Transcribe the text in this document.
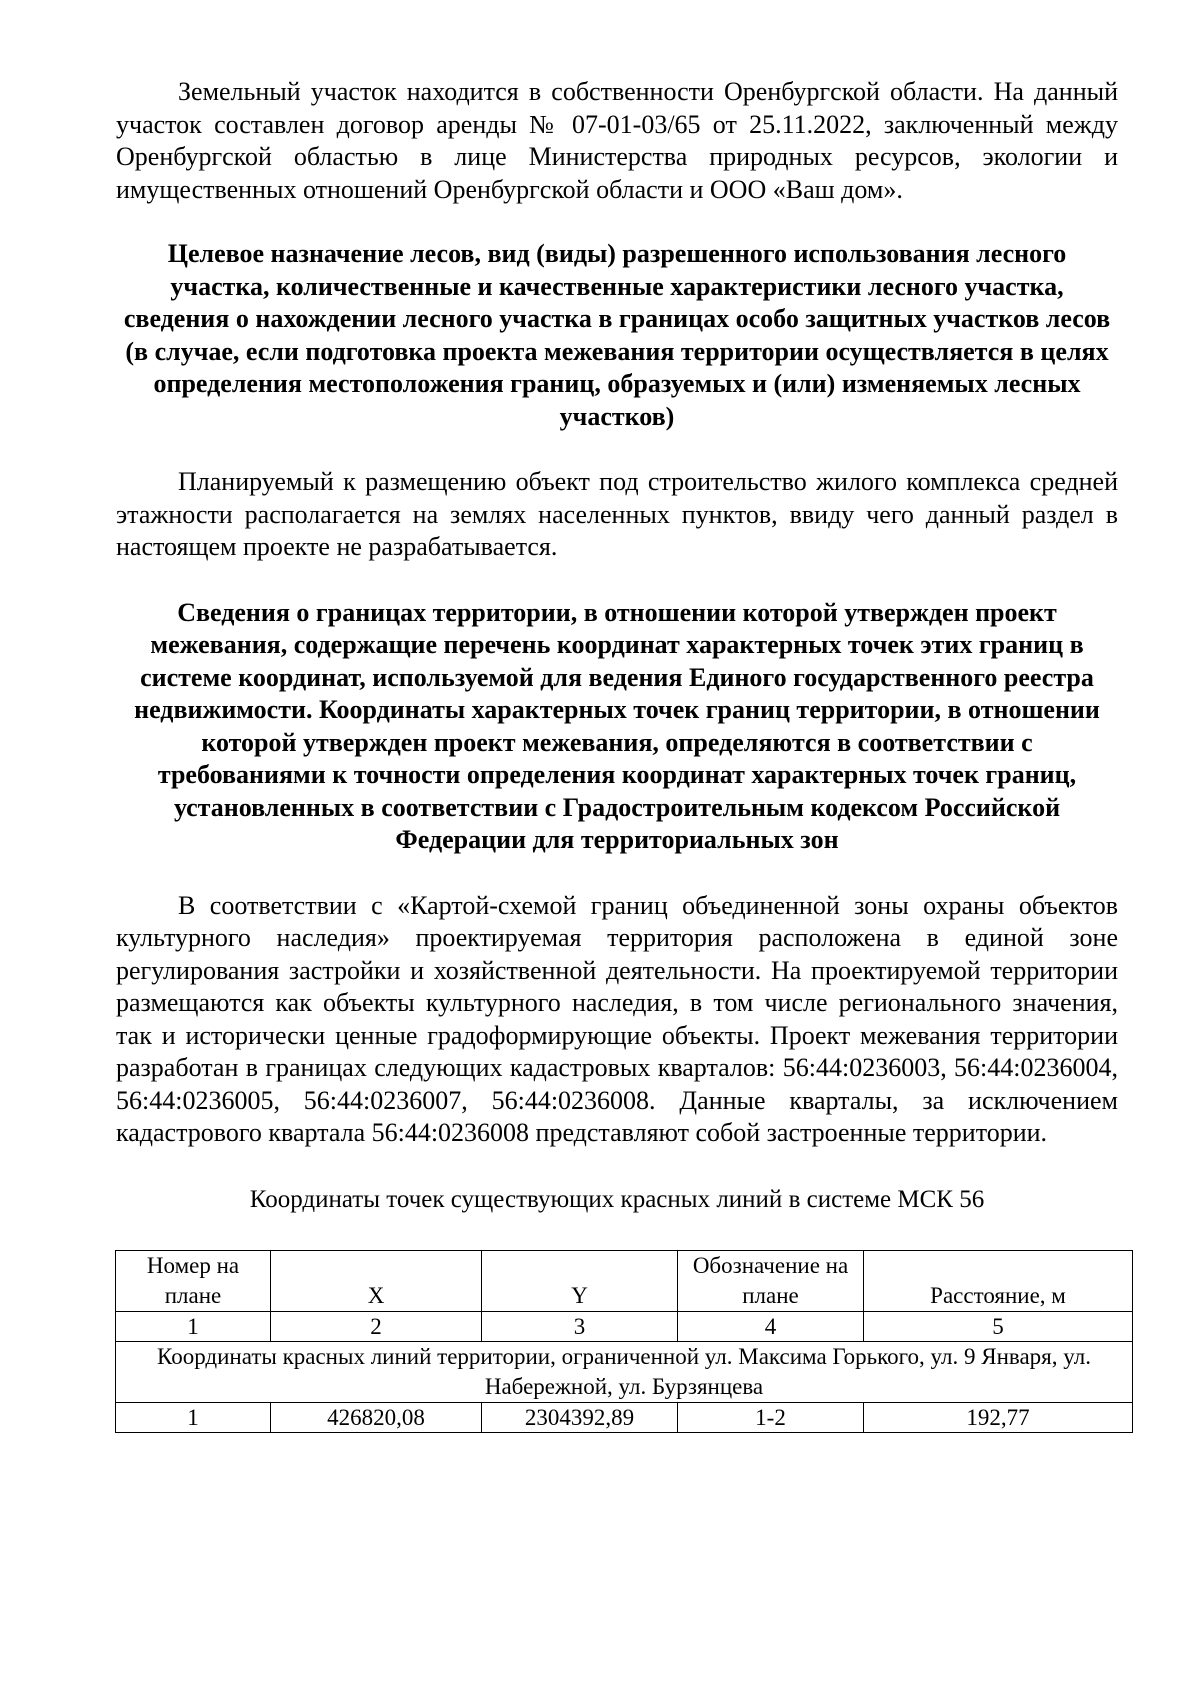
Земельный участок находится в собственности Оренбургской области. На данный участок составлен договор аренды № 07-01-03/65 от 25.11.2022, заключенный между Оренбургской областью в лице Министерства природных ресурсов, экологии и имущественных отношений Оренбургской области и ООО «Ваш дом».

Целевое назначение лесов, вид (виды) разрешенного использования лесного участка, количественные и качественные характеристики лесного участка, сведения о нахождении лесного участка в границах особо защитных участков лесов (в случае, если подготовка проекта межевания территории осуществляется в целях определения местоположения границ, образуемых и (или) изменяемых лесных участков)

Планируемый к размещению объект под строительство жилого комплекса средней этажности располагается на землях населенных пунктов, ввиду чего данный раздел в настоящем проекте не разрабатывается.

Сведения о границах территории, в отношении которой утвержден проект межевания, содержащие перечень координат характерных точек этих границ в системе координат, используемой для ведения Единого государственного реестра недвижимости. Координаты характерных точек границ территории, в отношении которой утвержден проект межевания, определяются в соответствии с требованиями к точности определения координат характерных точек границ, установленных в соответствии с Градостроительным кодексом Российской Федерации для территориальных зон

В соответствии с «Картой-схемой границ объединенной зоны охраны объектов культурного наследия» проектируемая территория расположена в единой зоне регулирования застройки и хозяйственной деятельности. На проектируемой территории размещаются как объекты культурного наследия, в том числе регионального значения, так и исторически ценные градоформирующие объекты. Проект межевания территории разработан в границах следующих кадастровых кварталов: 56:44:0236003, 56:44:0236004, 56:44:0236005, 56:44:0236007, 56:44:0236008. Данные кварталы, за исключением кадастрового квартала 56:44:0236008 представляют собой застроенные территории.

Координаты точек существующих красных линий в системе МСК 56

Номер на плане	X	Y	Обозначение на плане	Расстояние, м
1	2	3	4	5
Координаты красных линий территории, ограниченной ул. Максима Горького, ул. 9 Января, ул. Набережной, ул. Бурзянцева				
1	426820,08	2304392,89	1-2	192,77
